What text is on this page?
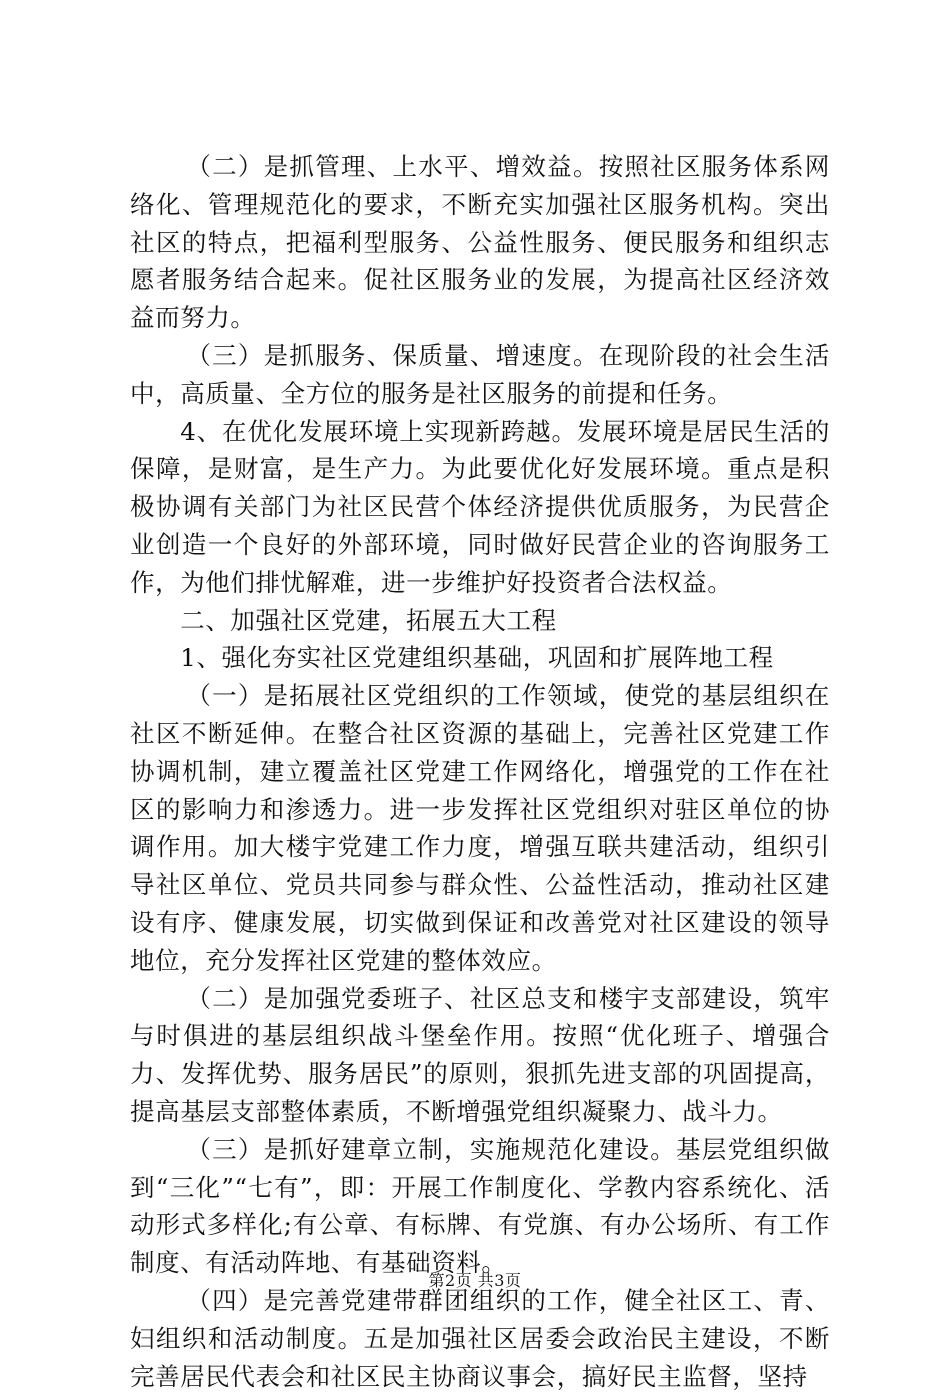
（二）是抓管理、上水平、增效益。按照社区服务体系网络化、管理规范化的要求，不断充实加强社区服务机构。突出社区的特点，把福利型服务、公益性服务、便民服务和组织志愿者服务结合起来。促社区服务业的发展，为提高社区经济效益而努力。

（三）是抓服务、保质量、增速度。在现阶段的社会生活中，高质量、全方位的服务是社区服务的前提和任务。

4、在优化发展环境上实现新跨越。发展环境是居民生活的保障，是财富，是生产力。为此要优化好发展环境。重点是积极协调有关部门为社区民营个体经济提供优质服务，为民营企业创造一个良好的外部环境，同时做好民营企业的咨询服务工作，为他们排忧解难，进一步维护好投资者合法权益。

二、加强社区党建，拓展五大工程

1、强化夯实社区党建组织基础，巩固和扩展阵地工程

（一）是拓展社区党组织的工作领域，使党的基层组织在社区不断延伸。在整合社区资源的基础上，完善社区党建工作协调机制，建立覆盖社区党建工作网络化，增强党的工作在社区的影响力和渗透力。进一步发挥社区党组织对驻区单位的协调作用。加大楼宇党建工作力度，增强互联共建活动，组织引导社区单位、党员共同参与群众性、公益性活动，推动社区建设有序、健康发展，切实做到保证和改善党对社区建设的领导地位，充分发挥社区党建的整体效应。

（二）是加强党委班子、社区总支和楼宇支部建设，筑牢与时俱进的基层组织战斗堡垒作用。按照“优化班子、增强合力、发挥优势、服务居民”的原则，狠抓先进支部的巩固提高，提高基层支部整体素质，不断增强党组织凝聚力、战斗力。

（三）是抓好建章立制，实施规范化建设。基层党组织做到“三化”“七有”，即：开展工作制度化、学教内容系统化、活动形式多样化;有公章、有标牌、有党旗、有办公场所、有工作制度、有活动阵地、有基础资料。

（四）是完善党建带群团组织的工作，健全社区工、青、妇组织和活动制度。五是加强社区居委会政治民主建设，不断完善居民代表会和社区民主协商议事会，搞好民主监督，坚持

第2页 共3页
